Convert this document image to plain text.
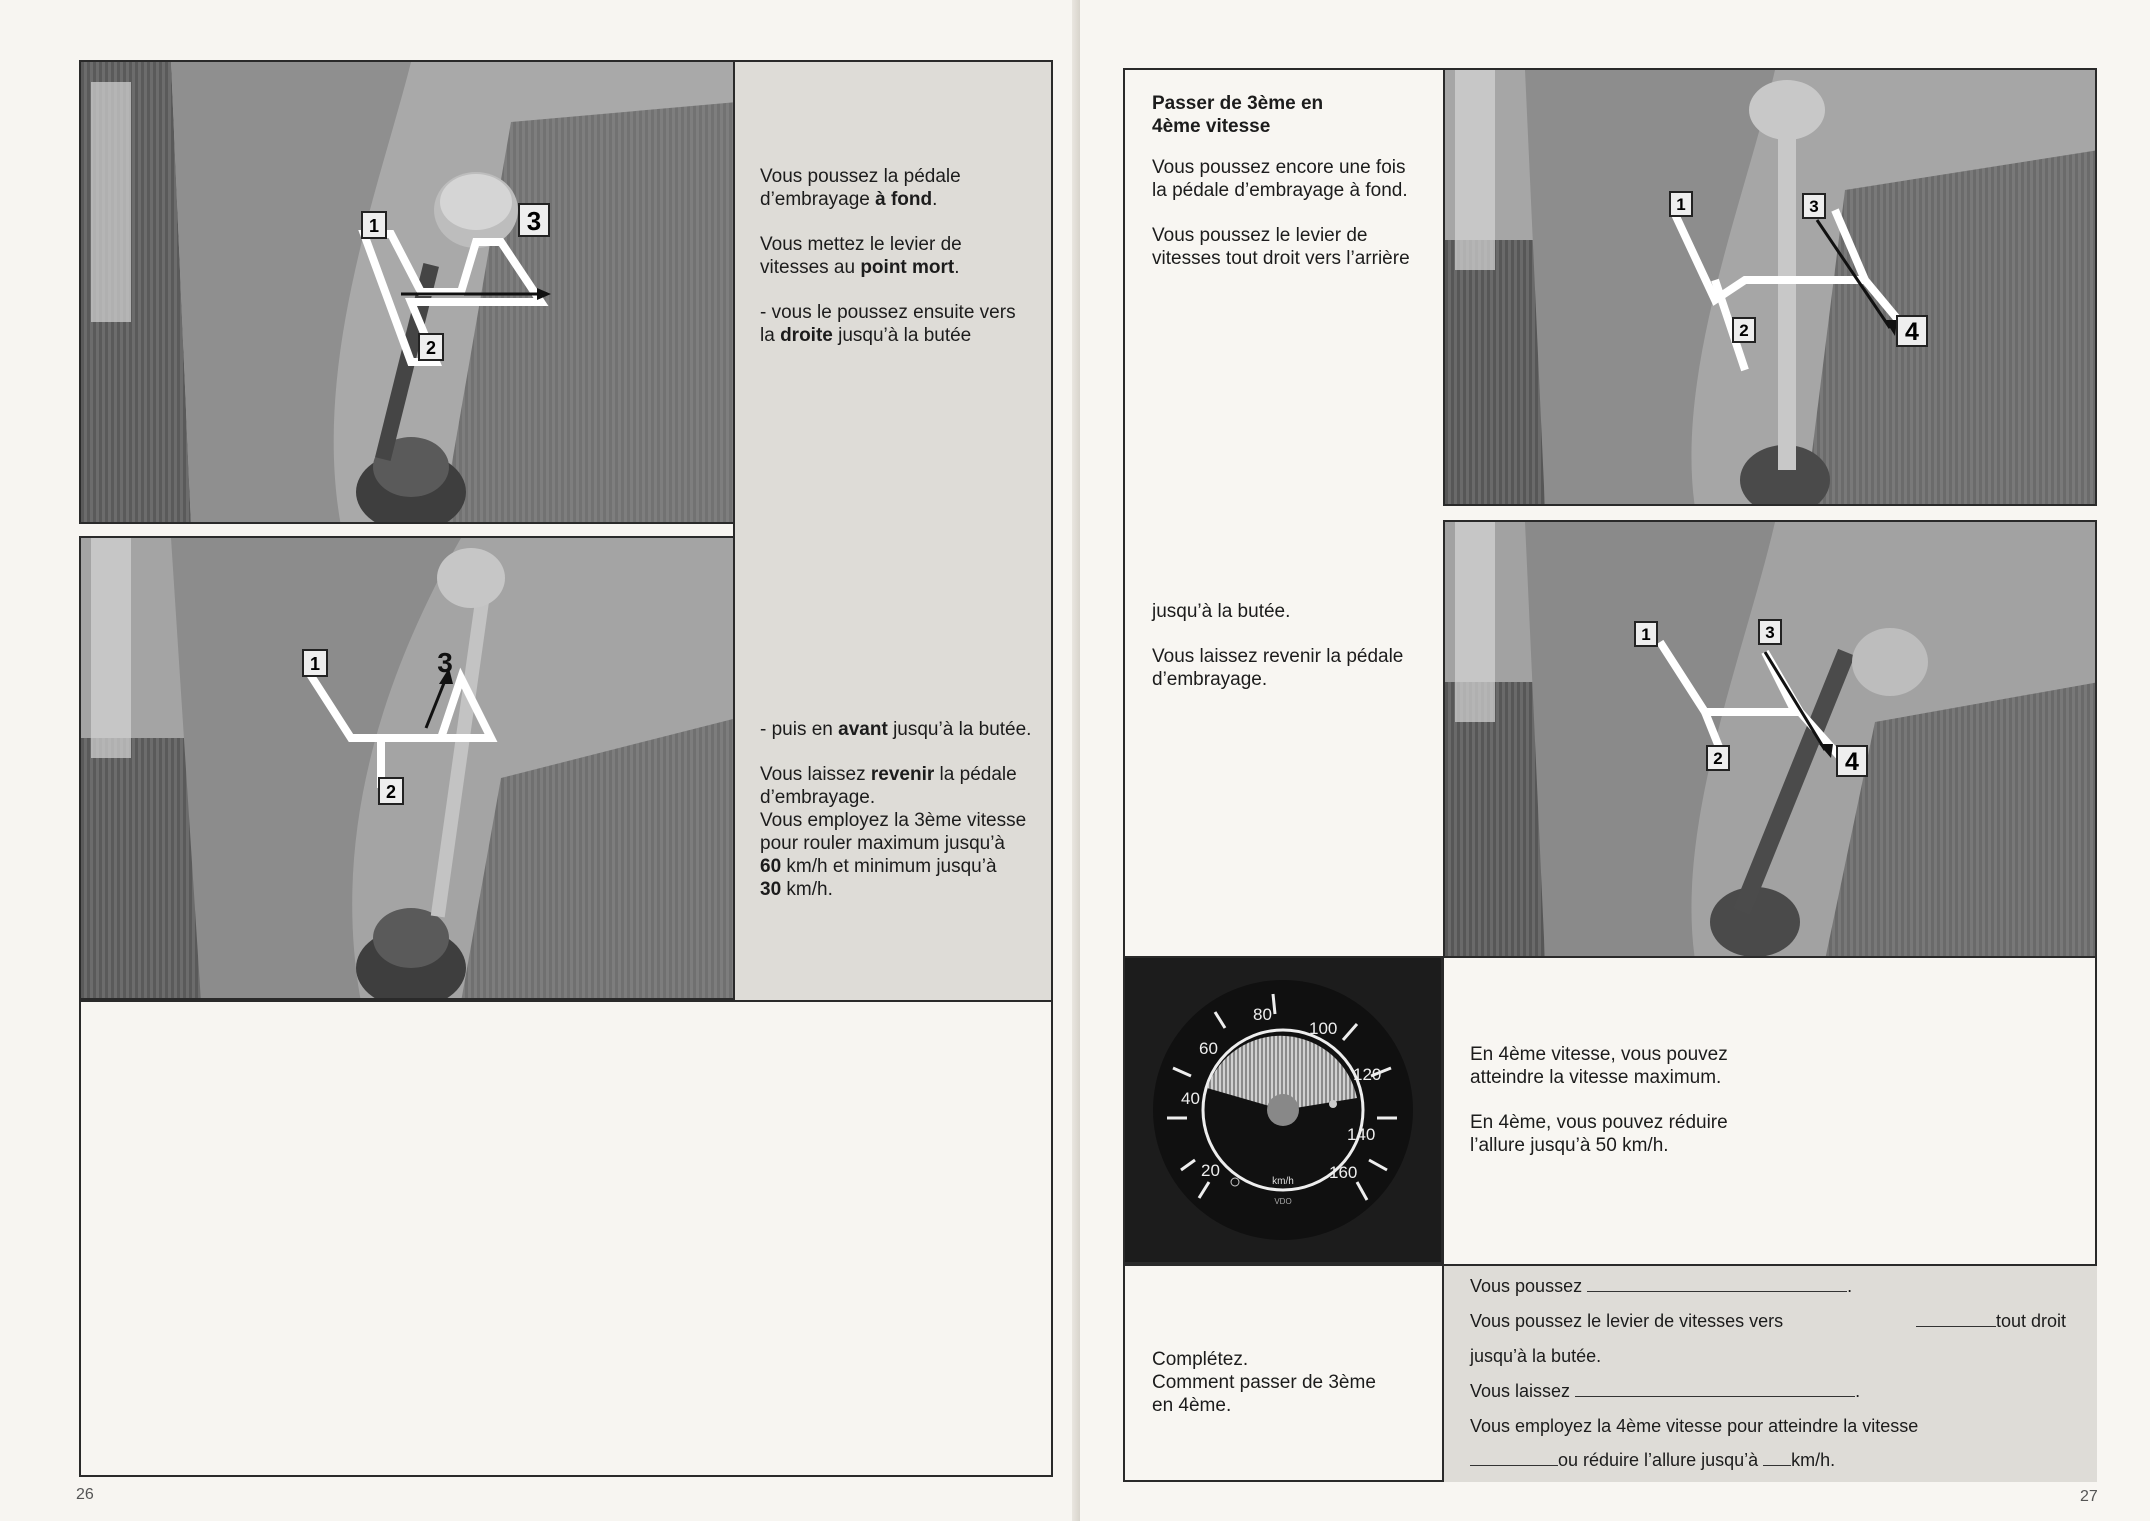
1
2
3
1
2
3

Vous poussez la pédale
d’embrayage à fond.

Vous mettez le levier de
vitesses au point mort.

- vous le poussez ensuite vers
la droite jusqu’à la butée

- puis en avant jusqu’à la butée.

Vous laissez revenir la pédale
d’embrayage.
Vous employez la 3ème vitesse
pour rouler maximum jusqu’à
60 km/h et minimum jusqu’à
30 km/h.

26
1	3
2	4
1	3
2	4
20
40
60
80
100
120
140
160
km/h
VDO

Passer de 3ème en
4ème vitesse

Vous poussez encore une fois
la pédale d’embrayage à fond.

Vous poussez le levier de
vitesses tout droit vers l’arrière

jusqu’à la butée.

Vous laissez revenir la pédale
d’embrayage.

En 4ème vitesse, vous pouvez
atteindre la vitesse maximum.

En 4ème, vous pouvez réduire
l’allure jusqu’à 50 km/h.

Complétez.
Comment passer de 3ème
en 4ème.
Vous poussez	.
Vous poussez le levier de vitesses vers	tout droit
jusqu’à la butée.
Vous laissez	.
Vous employez la 4ème vitesse pour atteindre la vitesse
ou réduire l’allure jusqu’à km/h.
27
